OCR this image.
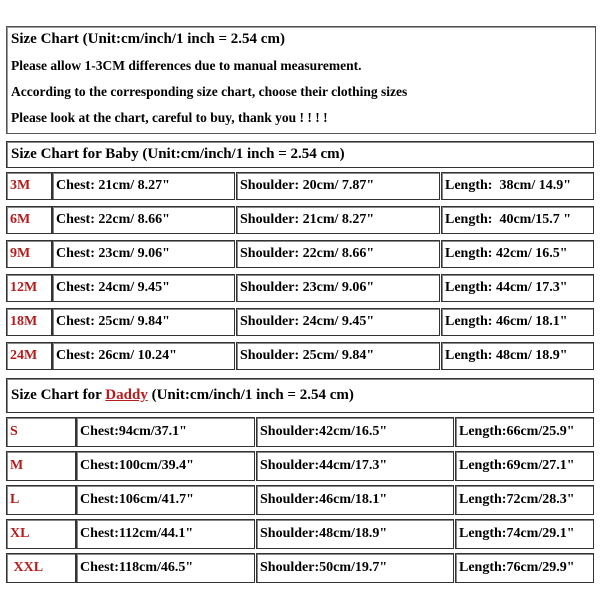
Size Chart (Unit:cm/inch/1 inch = 2.54 cm)
Please allow 1-3CM differences due to manual measurement.
According to the corresponding size chart, choose their clothing sizes
Please look at the chart, careful to buy, thank you ! ! ! !
Size Chart for Baby (Unit:cm/inch/1 inch = 2.54 cm)
3M	Chest: 21cm/ 8.27"	Shoulder: 20cm/ 7.87"	Length:  38cm/ 14.9"
6M	Chest: 22cm/ 8.66"	Shoulder: 21cm/ 8.27"	Length:  40cm/15.7 "
9M	Chest: 23cm/ 9.06"	Shoulder: 22cm/ 8.66"	Length: 42cm/ 16.5"
12M	Chest: 24cm/ 9.45"	Shoulder: 23cm/ 9.06"	Length: 44cm/ 17.3"
18M	Chest: 25cm/ 9.84"	Shoulder: 24cm/ 9.45"	Length: 46cm/ 18.1"
24M	Chest: 26cm/ 10.24"	Shoulder: 25cm/ 9.84"	Length: 48cm/ 18.9"
Size Chart for Daddy (Unit:cm/inch/1 inch = 2.54 cm)
S	Chest:94cm/37.1"	Shoulder:42cm/16.5"	Length:66cm/25.9"
M	Chest:100cm/39.4"	Shoulder:44cm/17.3"	Length:69cm/27.1"
L	Chest:106cm/41.7"	Shoulder:46cm/18.1"	Length:72cm/28.3"
XL	Chest:112cm/44.1"	Shoulder:48cm/18.9"	Length:74cm/29.1"
XXL	Chest:118cm/46.5"	Shoulder:50cm/19.7"	Length:76cm/29.9"
